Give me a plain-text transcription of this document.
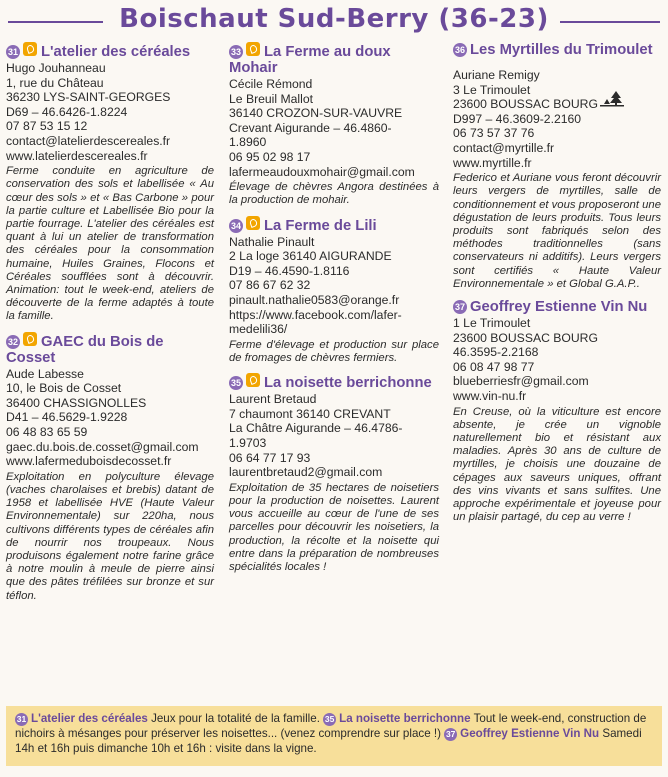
Boischaut Sud-Berry (36-23)
31 L'atelier des céréales
Hugo Jouhanneau
1, rue du Château
36230 LYS-SAINT-GEORGES
D69 – 46.6426-1.8224
07 87 53 15 12
contact@latelierdescereales.fr
www.latelierdescereales.fr
Ferme conduite en agriculture de conservation des sols et labellisée « Au cœur des sols » et « Bas Carbone » pour la partie culture et Labellisée Bio pour la partie fourrage. L'atelier des céréales est quant à lui un atelier de transformation des céréales pour la consommation humaine, Huiles Graines, Flocons et Céréales soufflées sont à découvrir. Animation: tout le week-end, ateliers de découverte de la ferme adaptés à toute la famille.
32 GAEC du Bois de Cosset
Aude Labesse
10, le Bois de Cosset
36400 CHASSIGNOLLES
D41 – 46.5629-1.9228
06 48 83 65 59
gaec.du.bois.de.cosset@gmail.com
www.lafermeduboisdecosset.fr
Exploitation en polyculture élevage (vaches charolaises et brebis) datant de 1958 et labellisée HVE (Haute Valeur Environnementale) sur 220ha, nous cultivons différents types de céréales afin de nourrir nos troupeaux. Nous produisons également notre farine grâce à notre moulin à meule de pierre ainsi que des pâtes tréfilées sur bronze et sur téflon.
33 La Ferme au doux Mohair
Cécile Rémond
Le Breuil Mallot
36140 CROZON-SUR-VAUVRE
Crevant Aigurande – 46.4860-
1.8960
06 95 02 98 17
lafermeaudouxmohair@gmail.com
Élevage de chèvres Angora destinées à la production de mohair.
34 La Ferme de Lili
Nathalie Pinault
2 La loge 36140 AIGURANDE
D19 – 46.4590-1.8116
07 86 67 62 32
pinault.nathalie0583@orange.fr
https://www.facebook.com/lafer-
medelili36/
Ferme d'élevage et production sur place de fromages de chèvres fermiers.
35 La noisette berrichonne
Laurent Bretaud
7 chaumont 36140 CREVANT
La Châtre Aigurande – 46.4786-
1.9703
06 64 77 17 93
laurentbretaud2@gmail.com
Exploitation de 35 hectares de noisetiers pour la production de noisettes. Laurent vous accueille au cœur de l'une de ses parcelles pour découvrir les noisetiers, la production, la récolte et la noisette qui entre dans la préparation de nombreuses spécialités locales !
36 Les Myrtilles du Trimoulet
Auriane Remigy
3 Le Trimoulet
23600 BOUSSAC BOURG
D997 – 46.3609-2.2160
06 73 57 37 76
contact@myrtille.fr
www.myrtille.fr
Federico et Auriane vous feront découvrir leurs vergers de myrtilles, salle de conditionnement et vous proposeront une dégustation de leurs produits. Tous leurs produits sont fabriqués selon des méthodes traditionnelles (sans conservateurs ni additifs). Leurs vergers sont certifiés « Haute Valeur Environnementale » et Global G.A.P..
37 Geoffrey Estienne Vin Nu
1 Le Trimoulet
23600 BOUSSAC BOURG
46.3595-2.2168
06 08 47 98 77
blueberriesfr@gmail.com
www.vin-nu.fr
En Creuse, où la viticulture est encore absente, je crée un vignoble naturellement bio et résistant aux maladies. Après 30 ans de culture de myrtilles, je choisis une douzaine de cépages aux saveurs uniques, offrant des vins vivants et sans sulfites. Une approche expérimentale et joyeuse pour un plaisir partagé, du cep au verre !
31 L'atelier des céréales Jeux pour la totalité de la famille. 35 La noisette berrichonne Tout le week-end, construction de nichoirs à mésanges pour préserver les noisettes... (venez comprendre sur place !) 37 Geoffrey Estienne Vin Nu Samedi 14h et 16h puis dimanche 10h et 16h : visite dans la vigne.
